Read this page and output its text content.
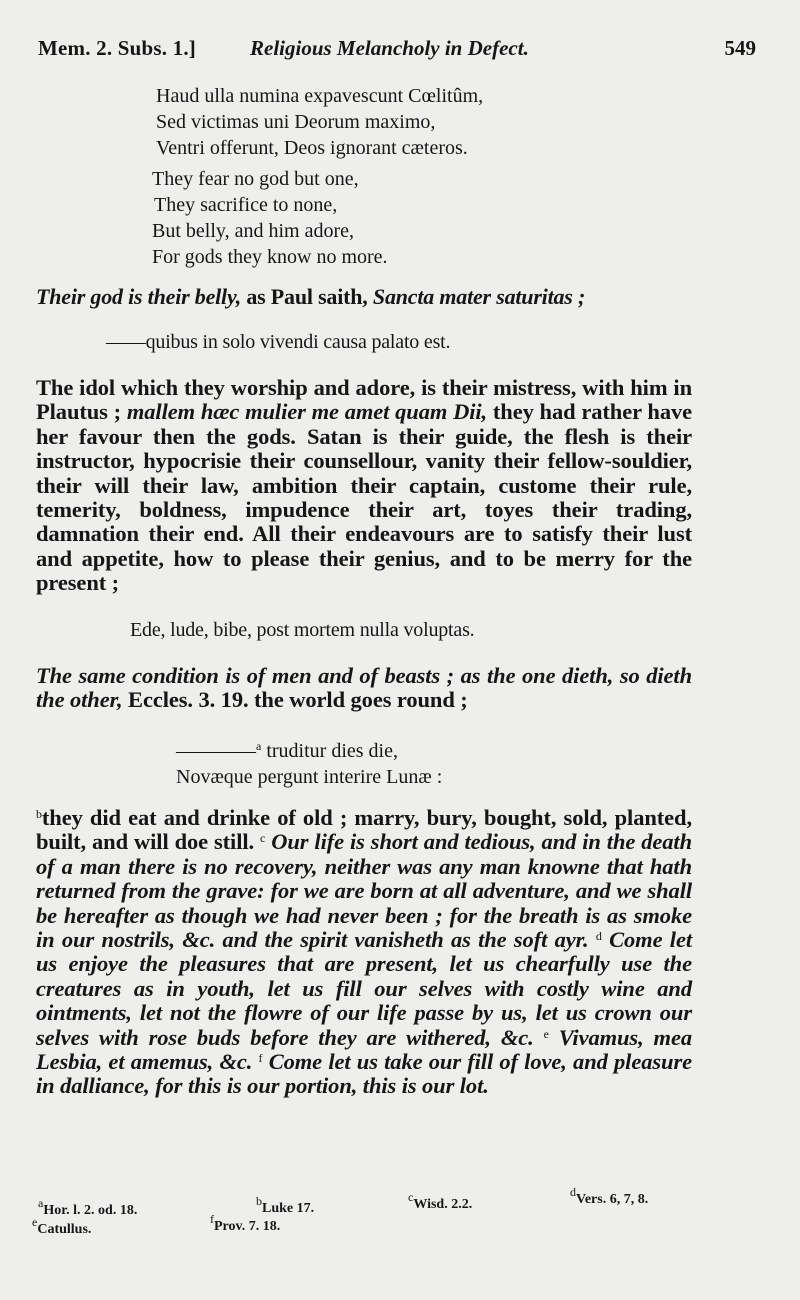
Mem. 2. Subs. 1.]	Religious Melancholy in Defect.	549
Haud ulla numina expavescunt Cœlitûm,
Sed victimas uni Deorum maximo,
Ventri offerunt, Deos ignorant cæteros.
They fear no god but one,
They sacrifice to none,
But belly, and him adore,
For gods they know no more.
Their god is their belly, as Paul saith, Sancta mater saturitas ;
——quibus in solo vivendi causa palato est.
The idol which they worship and adore, is their mistress, with him in Plautus ; mallem hæc mulier me amet quam Dii, they had rather have her favour then the gods. Satan is their guide, the flesh is their instructor, hypocrisie their counsellour, vanity their fellow-souldier, their will their law, ambition their captain, custome their rule, temerity, boldness, impudence their art, toyes their trading, damnation their end. All their endeavours are to satisfy their lust and appetite, how to please their genius, and to be merry for the present ;
Ede, lude, bibe, post mortem nulla voluptas.
The same condition is of men and of beasts ; as the one dieth, so dieth the other, Eccles. 3. 19. the world goes round ;
————$^a$ truditur dies die,
Novæque pergunt interire Lunæ :
$^b$they did eat and drinke of old ; marry, bury, bought, sold, planted, built, and will doe still. $^c$ Our life is short and tedious, and in the death of a man there is no recovery, neither was any man knowne that hath returned from the grave: for we are born at all adventure, and we shall be hereafter as though we had never been ; for the breath is as smoke in our nostrils, &c. and the spirit vanisheth as the soft ayr. $^d$ Come let us enjoye the pleasures that are present, let us chearfully use the creatures as in youth, let us fill our selves with costly wine and ointments, let not the flowre of our life passe by us, let us crown our selves with rose buds before they are withered, &c. $^e$ Vivamus, mea Lesbia, et amemus, &c. $^f$ Come let us take our fill of love, and pleasure in dalliance, for this is our portion, this is our lot.
$^a$Hor. l. 2. od. 18.
$^b$Luke 17.
$^c$Wisd. 2.2.
$^d$Vers. 6, 7, 8.
$^e$Catullus.
$^f$Prov. 7. 18.
